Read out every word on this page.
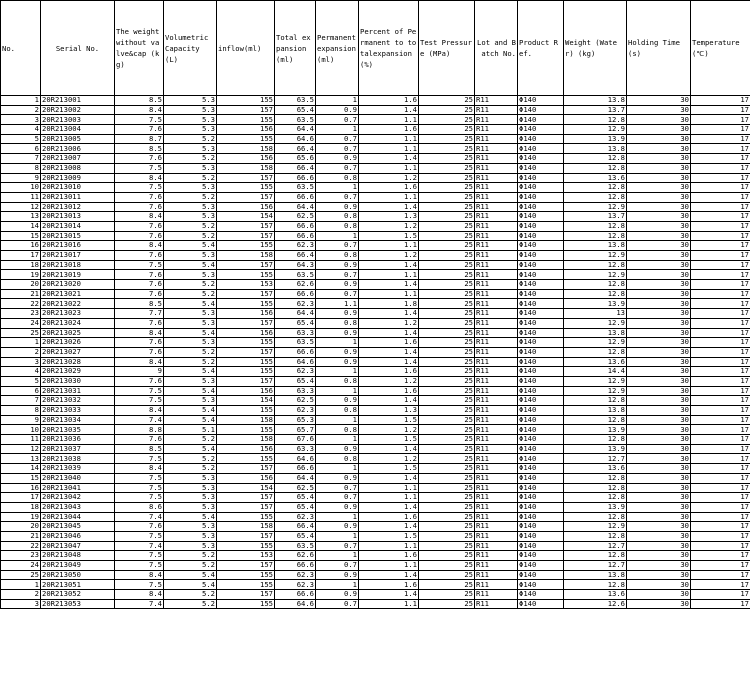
No.	Serial No.	The weight without valve&cap (kg)	Volumetric Capacity (L)	inflow(ml)	Total expansion (ml)	Permanent expansion (ml)	Percent of Permanent to totalexpansion (%)	Test Pressure (MPa)	Lot and Batch No.	Product Ref.	Weight (Water) (kg)	Holding Time (s)	Temperature(℃)
1	20R213001	8.5	5.3	155	63.5	1	1.6	25	R11	Φ140	13.8	30	17
2	20R213002	8.4	5.3	157	65.4	0.9	1.4	25	R11	Φ140	13.7	30	17
3	20R213003	7.5	5.3	155	63.5	0.7	1.1	25	R11	Φ140	12.8	30	17
4	20R213004	7.6	5.3	156	64.4	1	1.6	25	R11	Φ140	12.9	30	17
5	20R213005	8.7	5.2	155	64.6	0.7	1.1	25	R11	Φ140	13.9	30	17
6	20R213006	8.5	5.3	158	66.4	0.7	1.1	25	R11	Φ140	13.8	30	17
7	20R213007	7.6	5.2	156	65.6	0.9	1.4	25	R11	Φ140	12.8	30	17
8	20R213008	7.5	5.3	158	66.4	0.7	1.1	25	R11	Φ140	12.8	30	17
9	20R213009	8.4	5.2	157	66.6	0.8	1.2	25	R11	Φ140	13.6	30	17
10	20R213010	7.5	5.3	155	63.5	1	1.6	25	R11	Φ140	12.8	30	17
11	20R213011	7.6	5.2	157	66.6	0.7	1.1	25	R11	Φ140	12.8	30	17
12	20R213012	7.6	5.3	156	64.4	0.9	1.4	25	R11	Φ140	12.9	30	17
13	20R213013	8.4	5.3	154	62.5	0.8	1.3	25	R11	Φ140	13.7	30	17
14	20R213014	7.6	5.2	157	66.6	0.8	1.2	25	R11	Φ140	12.8	30	17
15	20R213015	7.6	5.2	157	66.6	1	1.5	25	R11	Φ140	12.8	30	17
16	20R213016	8.4	5.4	155	62.3	0.7	1.1	25	R11	Φ140	13.8	30	17
17	20R213017	7.6	5.3	158	66.4	0.8	1.2	25	R11	Φ140	12.9	30	17
18	20R213018	7.5	5.4	157	64.3	0.9	1.4	25	R11	Φ140	12.8	30	17
19	20R213019	7.6	5.3	155	63.5	0.7	1.1	25	R11	Φ140	12.9	30	17
20	20R213020	7.6	5.2	153	62.6	0.9	1.4	25	R11	Φ140	12.8	30	17
21	20R213021	7.6	5.2	157	66.6	0.7	1.1	25	R11	Φ140	12.8	30	17
22	20R213022	8.5	5.4	155	62.3	1.1	1.8	25	R11	Φ140	13.9	30	17
23	20R213023	7.7	5.3	156	64.4	0.9	1.4	25	R11	Φ140	13	30	17
24	20R213024	7.6	5.3	157	65.4	0.8	1.2	25	R11	Φ140	12.9	30	17
25	20R213025	8.4	5.4	156	63.3	0.9	1.4	25	R11	Φ140	13.8	30	17
1	20R213026	7.6	5.3	155	63.5	1	1.6	25	R11	Φ140	12.9	30	17
2	20R213027	7.6	5.2	157	66.6	0.9	1.4	25	R11	Φ140	12.8	30	17
3	20R213028	8.4	5.2	155	64.6	0.9	1.4	25	R11	Φ140	13.6	30	17
4	20R213029	9	5.4	155	62.3	1	1.6	25	R11	Φ140	14.4	30	17
5	20R213030	7.6	5.3	157	65.4	0.8	1.2	25	R11	Φ140	12.9	30	17
6	20R213031	7.5	5.4	156	63.3	1	1.6	25	R11	Φ140	12.9	30	17
7	20R213032	7.5	5.3	154	62.5	0.9	1.4	25	R11	Φ140	12.8	30	17
8	20R213033	8.4	5.4	155	62.3	0.8	1.3	25	R11	Φ140	13.8	30	17
9	20R213034	7.4	5.4	158	65.3	1	1.5	25	R11	Φ140	12.8	30	17
10	20R213035	8.8	5.1	155	65.7	0.8	1.2	25	R11	Φ140	13.9	30	17
11	20R213036	7.6	5.2	158	67.6	1	1.5	25	R11	Φ140	12.8	30	17
12	20R213037	8.5	5.4	156	63.3	0.9	1.4	25	R11	Φ140	13.9	30	17
13	20R213038	7.5	5.2	155	64.6	0.8	1.2	25	R11	Φ140	12.7	30	17
14	20R213039	8.4	5.2	157	66.6	1	1.5	25	R11	Φ140	13.6	30	17
15	20R213040	7.5	5.3	156	64.4	0.9	1.4	25	R11	Φ140	12.8	30	17
16	20R213041	7.5	5.3	154	62.5	0.7	1.1	25	R11	Φ140	12.8	30	17
17	20R213042	7.5	5.3	157	65.4	0.7	1.1	25	R11	Φ140	12.8	30	17
18	20R213043	8.6	5.3	157	65.4	0.9	1.4	25	R11	Φ140	13.9	30	17
19	20R213044	7.4	5.4	155	62.3	1	1.6	25	R11	Φ140	12.8	30	17
20	20R213045	7.6	5.3	158	66.4	0.9	1.4	25	R11	Φ140	12.9	30	17
21	20R213046	7.5	5.3	157	65.4	1	1.5	25	R11	Φ140	12.8	30	17
22	20R213047	7.4	5.3	155	63.5	0.7	1.1	25	R11	Φ140	12.7	30	17
23	20R213048	7.5	5.2	153	62.6	1	1.6	25	R11	Φ140	12.8	30	17
24	20R213049	7.5	5.2	157	66.6	0.7	1.1	25	R11	Φ140	12.7	30	17
25	20R213050	8.4	5.4	155	62.3	0.9	1.4	25	R11	Φ140	13.8	30	17
1	20R213051	7.5	5.4	155	62.3	1	1.6	25	R11	Φ140	12.8	30	17
2	20R213052	8.4	5.2	157	66.6	0.9	1.4	25	R11	Φ140	13.6	30	17
3	20R213053	7.4	5.2	155	64.6	0.7	1.1	25	R11	Φ140	12.6	30	17
